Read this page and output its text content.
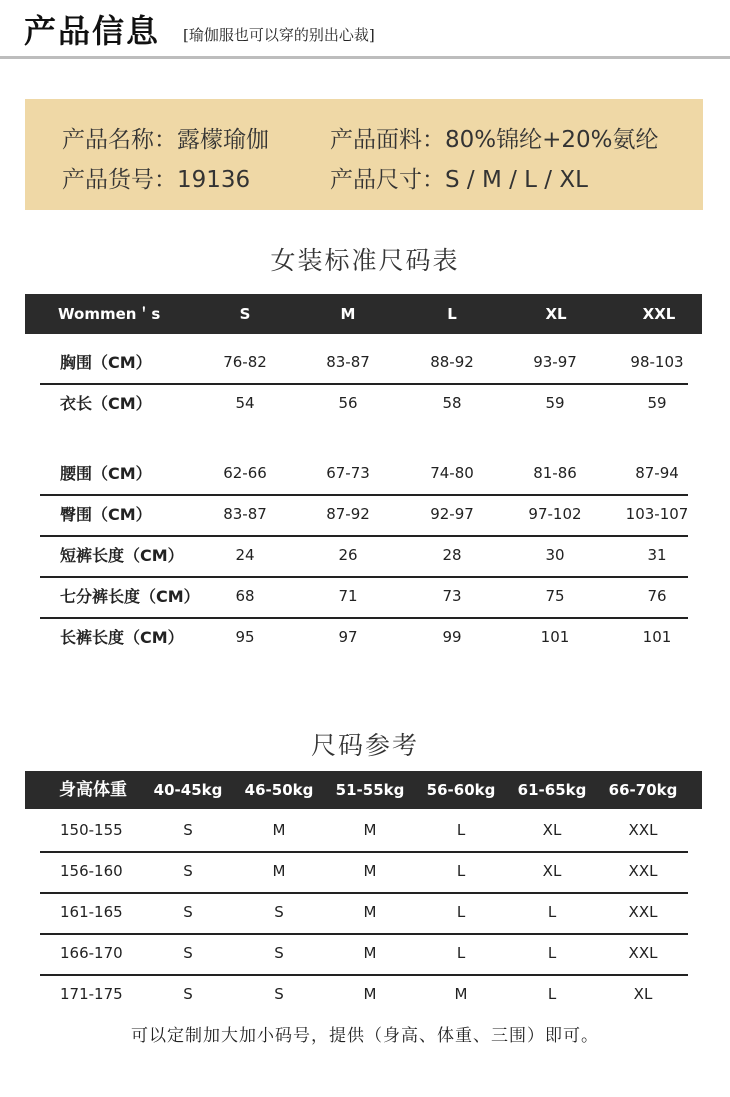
产品信息 [瑜伽服也可以穿的别出心裁]
产品名称：露檬瑜伽	产品面料：80%锦纶+20%氨纶
产品货号：19136	产品尺寸：S / M / L / XL
女装标准尺码表
Wommen＇s	S	M	L	XL	XXL
胸围（CM）	76-82	83-87	88-92	93-97	98-103
衣长（CM）	54	56	58	59	59
腰围（CM）	62-66	67-73	74-80	81-86	87-94
臀围（CM）	83-87	87-92	92-97	97-102	103-107
短裤长度（CM）	24	26	28	30	31
七分裤长度（CM） 68	71	73	75	76
长裤长度（CM）	95	97	99	101	101
尺码参考
身高体重 40-45kg 46-50kg 51-55kg 56-60kg 61-65kg 66-70kg
150-155	S	M	M	L	XL	XXL
156-160	S	M	M	L	XL	XXL
161-165	S	S	M	L	L	XXL
166-170	S	S	M	L	L	XXL
171-175	S	S	M	M	L	XL
可以定制加大加小码号，提供（身高、体重、三围）即可。
